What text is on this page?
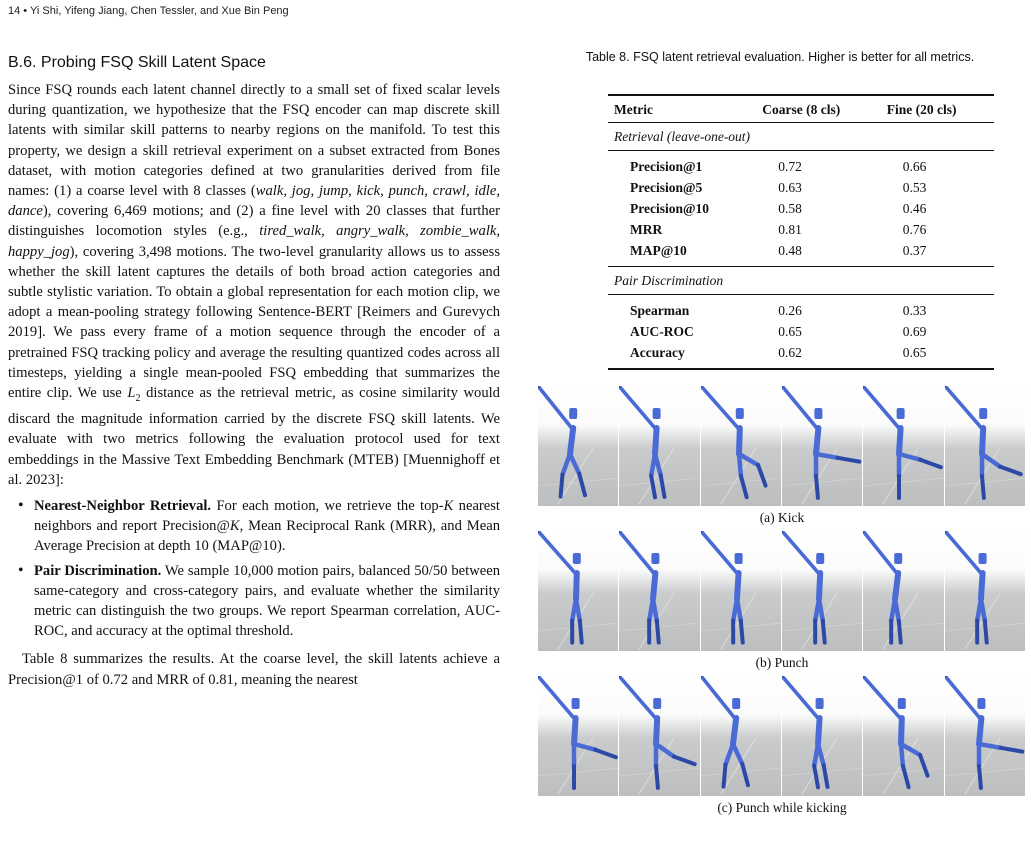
14 • Yi Shi, Yifeng Jiang, Chen Tessler, and Xue Bin Peng
B.6. Probing FSQ Skill Latent Space

Since FSQ rounds each latent channel directly to a small set of fixed scalar levels during quantization, we hypothesize that the FSQ encoder can map discrete skill latents with similar skill patterns to nearby regions on the manifold. To test this property, we design a skill retrieval experiment on a subset extracted from Bones dataset, with motion categories defined at two granularities derived from file names: (1) a coarse level with 8 classes (walk, jog, jump, kick, punch, crawl, idle, dance), covering 6,469 motions; and (2) a fine level with 20 classes that further distinguishes locomotion styles (e.g., tired_walk, angry_walk, zombie_walk, happy_jog), covering 3,498 motions. The two-level granularity allows us to assess whether the skill latent captures the details of both broad action categories and subtle stylistic variation. To obtain a global representation for each motion clip, we adopt a mean-pooling strategy following Sentence-BERT [Reimers and Gurevych 2019]. We pass every frame of a motion sequence through the encoder of a pretrained FSQ tracking policy and average the resulting quantized codes across all timesteps, yielding a single mean-pooled FSQ embedding that summarizes the entire clip. We use $L_2$ distance as the retrieval metric, as cosine similarity would discard the magnitude information carried by the discrete FSQ skill latents. We evaluate with two metrics following the evaluation protocol used for text embeddings in the Massive Text Embedding Benchmark (MTEB) [Muennighoff et al. 2023]:

• Nearest-Neighbor Retrieval. For each motion, we retrieve the top-K nearest neighbors and report Precision@K, Mean Reciprocal Rank (MRR), and Mean Average Precision at depth 10 (MAP@10).
• Pair Discrimination. We sample 10,000 motion pairs, balanced 50/50 between same-category and cross-category pairs, and evaluate whether the similarity metric can distinguish the two groups. We report Spearman correlation, AUC-ROC, and accuracy at the optimal threshold.

Table 8 summarizes the results. At the coarse level, the skill latents achieve a Precision@1 of 0.72 and MRR of 0.81, meaning the nearest

Table 8. FSQ latent retrieval evaluation. Higher is better for all metrics.

Metric	Coarse (8 cls)	Fine (20 cls)
Retrieval (leave-one-out)		
Precision@1	0.72	0.66
Precision@5	0.63	0.53
Precision@10	0.58	0.46
MRR	0.81	0.76
MAP@10	0.48	0.37
Pair Discrimination		
Spearman	0.26	0.33
AUC-ROC	0.65	0.69
Accuracy	0.62	0.65
(a) Kick
(b) Punch
(c) Punch while kicking
